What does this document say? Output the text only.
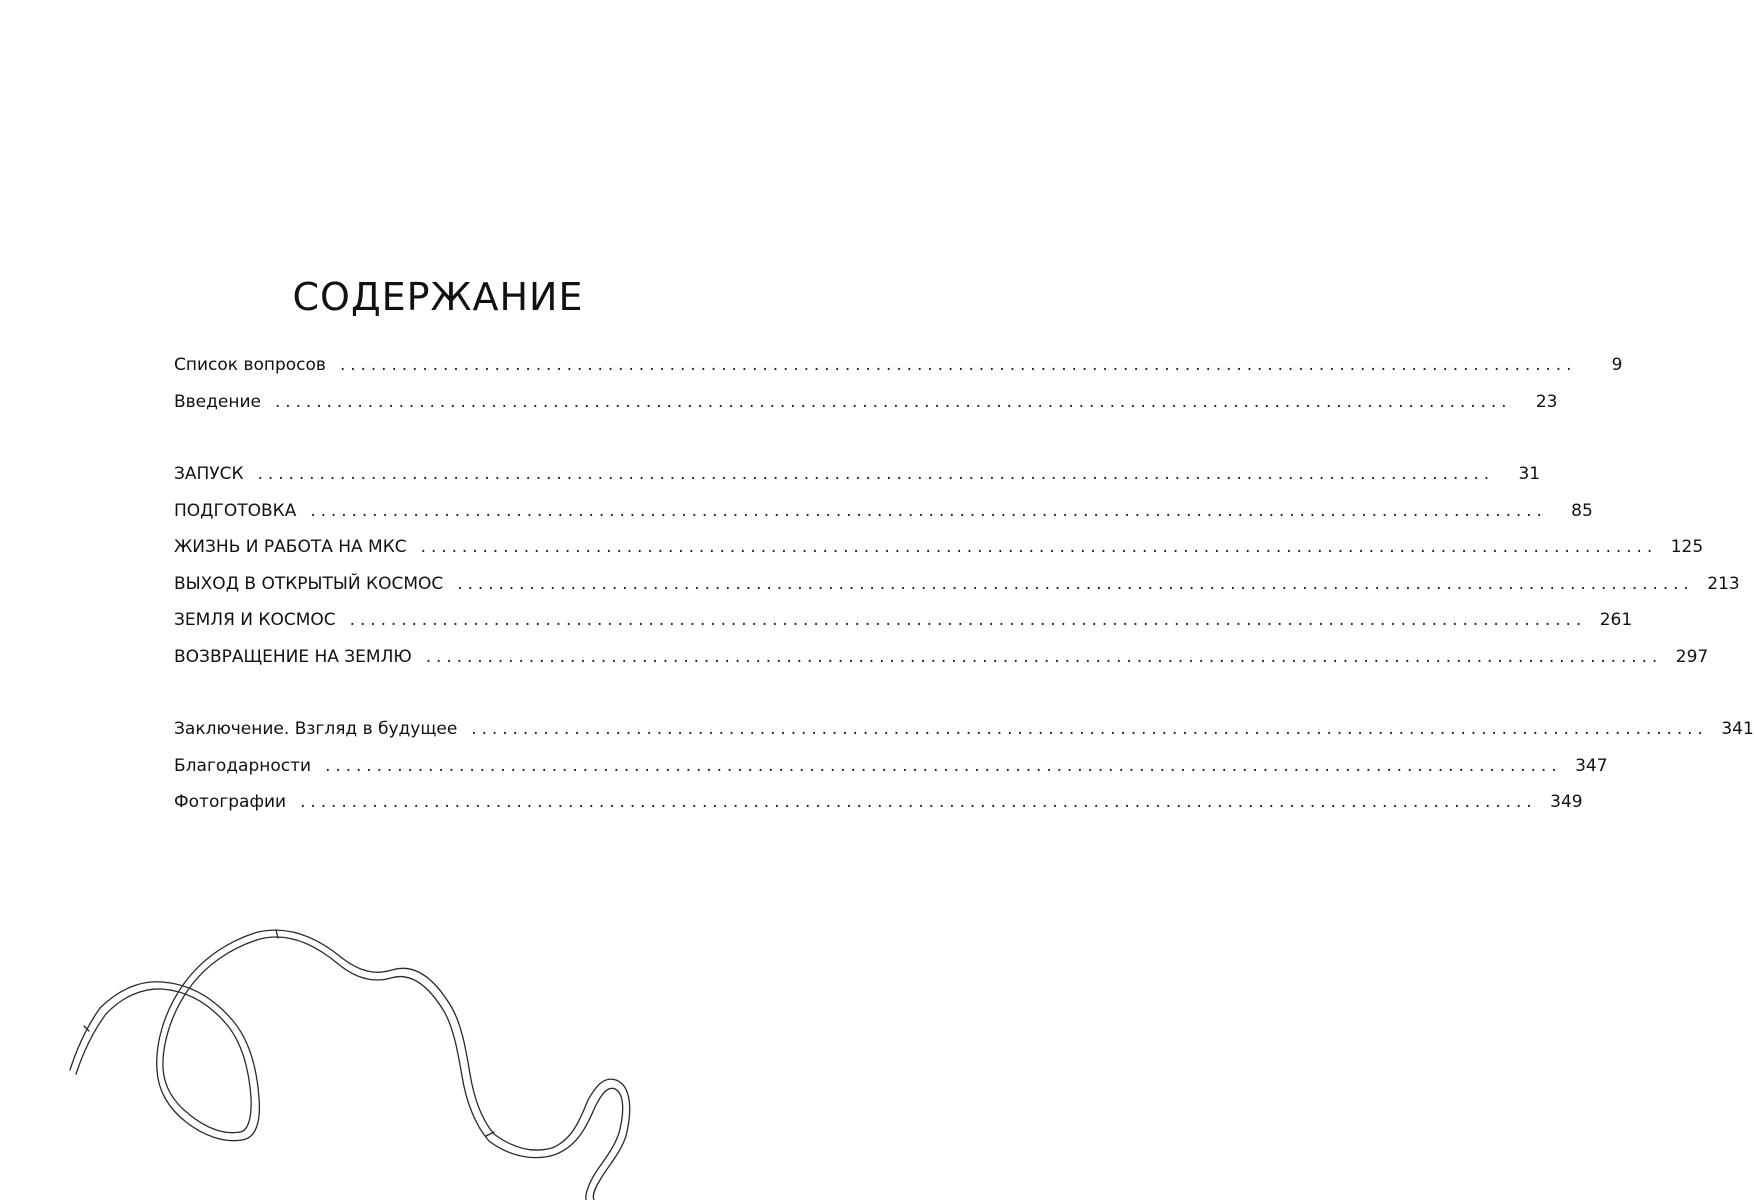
СОДЕРЖАНИЕ
Список вопросов ........................................................................................................................	9
Введение ........................................................................................................................	23
ЗАПУСК ........................................................................................................................	31
ПОДГОТОВКА ........................................................................................................................	85
ЖИЗНЬ И РАБОТА НА МКС ........................................................................................................................ 125
ВЫХОД В ОТКРЫТЫЙ КОСМОС ........................................................................................................................ 213
ЗЕМЛЯ И КОСМОС ........................................................................................................................ 261
ВОЗВРАЩЕНИЕ НА ЗЕМЛЮ ........................................................................................................................ 297
Заключение. Взгляд в будущее ........................................................................................................................ 341
Благодарности ........................................................................................................................ 347
Фотографии ........................................................................................................................ 349
